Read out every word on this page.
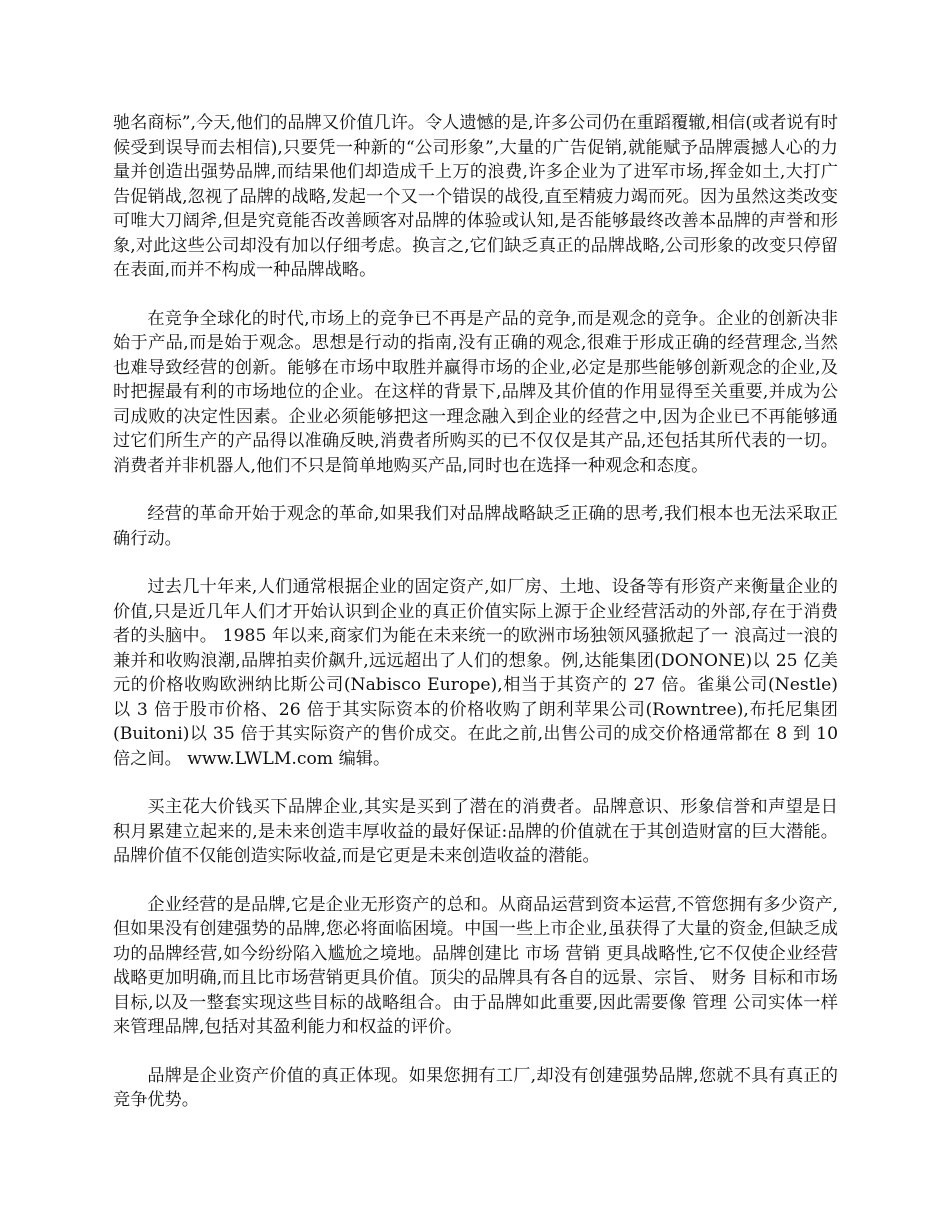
驰名商标”,今天,他们的品牌又价值几许。令人遗憾的是,许多公司仍在重蹈覆辙,相信(或者说有时候受到误导而去相信),只要凭一种新的“公司形象”,大量的广告促销,就能赋予品牌震撼人心的力量并创造出强势品牌,而结果他们却造成千上万的浪费,许多企业为了进军市场,挥金如土,大打广告促销战,忽视了品牌的战略,发起一个又一个错误的战役,直至精疲力竭而死。因为虽然这类改变可唯大刀阔斧,但是究竟能否改善顾客对品牌的体验或认知,是否能够最终改善本品牌的声誉和形象,对此这些公司却没有加以仔细考虑。换言之,它们缺乏真正的品牌战略,公司形象的改变只停留在表面,而并不构成一种品牌战略。

在竞争全球化的时代,市场上的竞争已不再是产品的竞争,而是观念的竞争。企业的创新决非始于产品,而是始于观念。思想是行动的指南,没有正确的观念,很难于形成正确的经营理念,当然也难导致经营的创新。能够在市场中取胜并赢得市场的企业,必定是那些能够创新观念的企业,及时把握最有利的市场地位的企业。在这样的背景下,品牌及其价值的作用显得至关重要,并成为公司成败的决定性因素。企业必须能够把这一理念融入到企业的经营之中,因为企业已不再能够通过它们所生产的产品得以准确反映,消费者所购买的已不仅仅是其产品,还包括其所代表的一切。消费者并非机器人,他们不只是简单地购买产品,同时也在选择一种观念和态度。

经营的革命开始于观念的革命,如果我们对品牌战略缺乏正确的思考,我们根本也无法采取正确行动。

过去几十年来,人们通常根据企业的固定资产,如厂房、土地、设备等有形资产来衡量企业的价值,只是近几年人们才开始认识到企业的真正价值实际上源于企业经营活动的外部,存在于消费者的头脑中。 1985 年以来,商家们为能在未来统一的欧洲市场独领风骚掀起了一 浪高过一浪的兼并和收购浪潮,品牌拍卖价飙升,远远超出了人们的想象。例,达能集团(DONONE)以 25 亿美元的价格收购欧洲纳比斯公司(Nabisco Europe),相当于其资产的 27 倍。雀巢公司(Nestle)以 3 倍于股市价格、26 倍于其实际资本的价格收购了朗利苹果公司(Rowntree),布托尼集团(Buitoni)以 35 倍于其实际资产的售价成交。在此之前,出售公司的成交价格通常都在 8 到 10 倍之间。 www.LWLM.com 编辑。

买主花大价钱买下品牌企业,其实是买到了潜在的消费者。品牌意识、形象信誉和声望是日积月累建立起来的,是未来创造丰厚收益的最好保证:品牌的价值就在于其创造财富的巨大潜能。品牌价值不仅能创造实际收益,而是它更是未来创造收益的潜能。

企业经营的是品牌,它是企业无形资产的总和。从商品运营到资本运营,不管您拥有多少资产,但如果没有创建强势的品牌,您必将面临困境。中国一些上市企业,虽获得了大量的资金,但缺乏成功的品牌经营,如今纷纷陷入尴尬之境地。品牌创建比 市场 营销 更具战略性,它不仅使企业经营战略更加明确,而且比市场营销更具价值。顶尖的品牌具有各自的远景、宗旨、 财务 目标和市场目标,以及一整套实现这些目标的战略组合。由于品牌如此重要,因此需要像 管理 公司实体一样来管理品牌,包括对其盈利能力和权益的评价。

品牌是企业资产价值的真正体现。如果您拥有工厂,却没有创建强势品牌,您就不具有真正的竞争优势。
